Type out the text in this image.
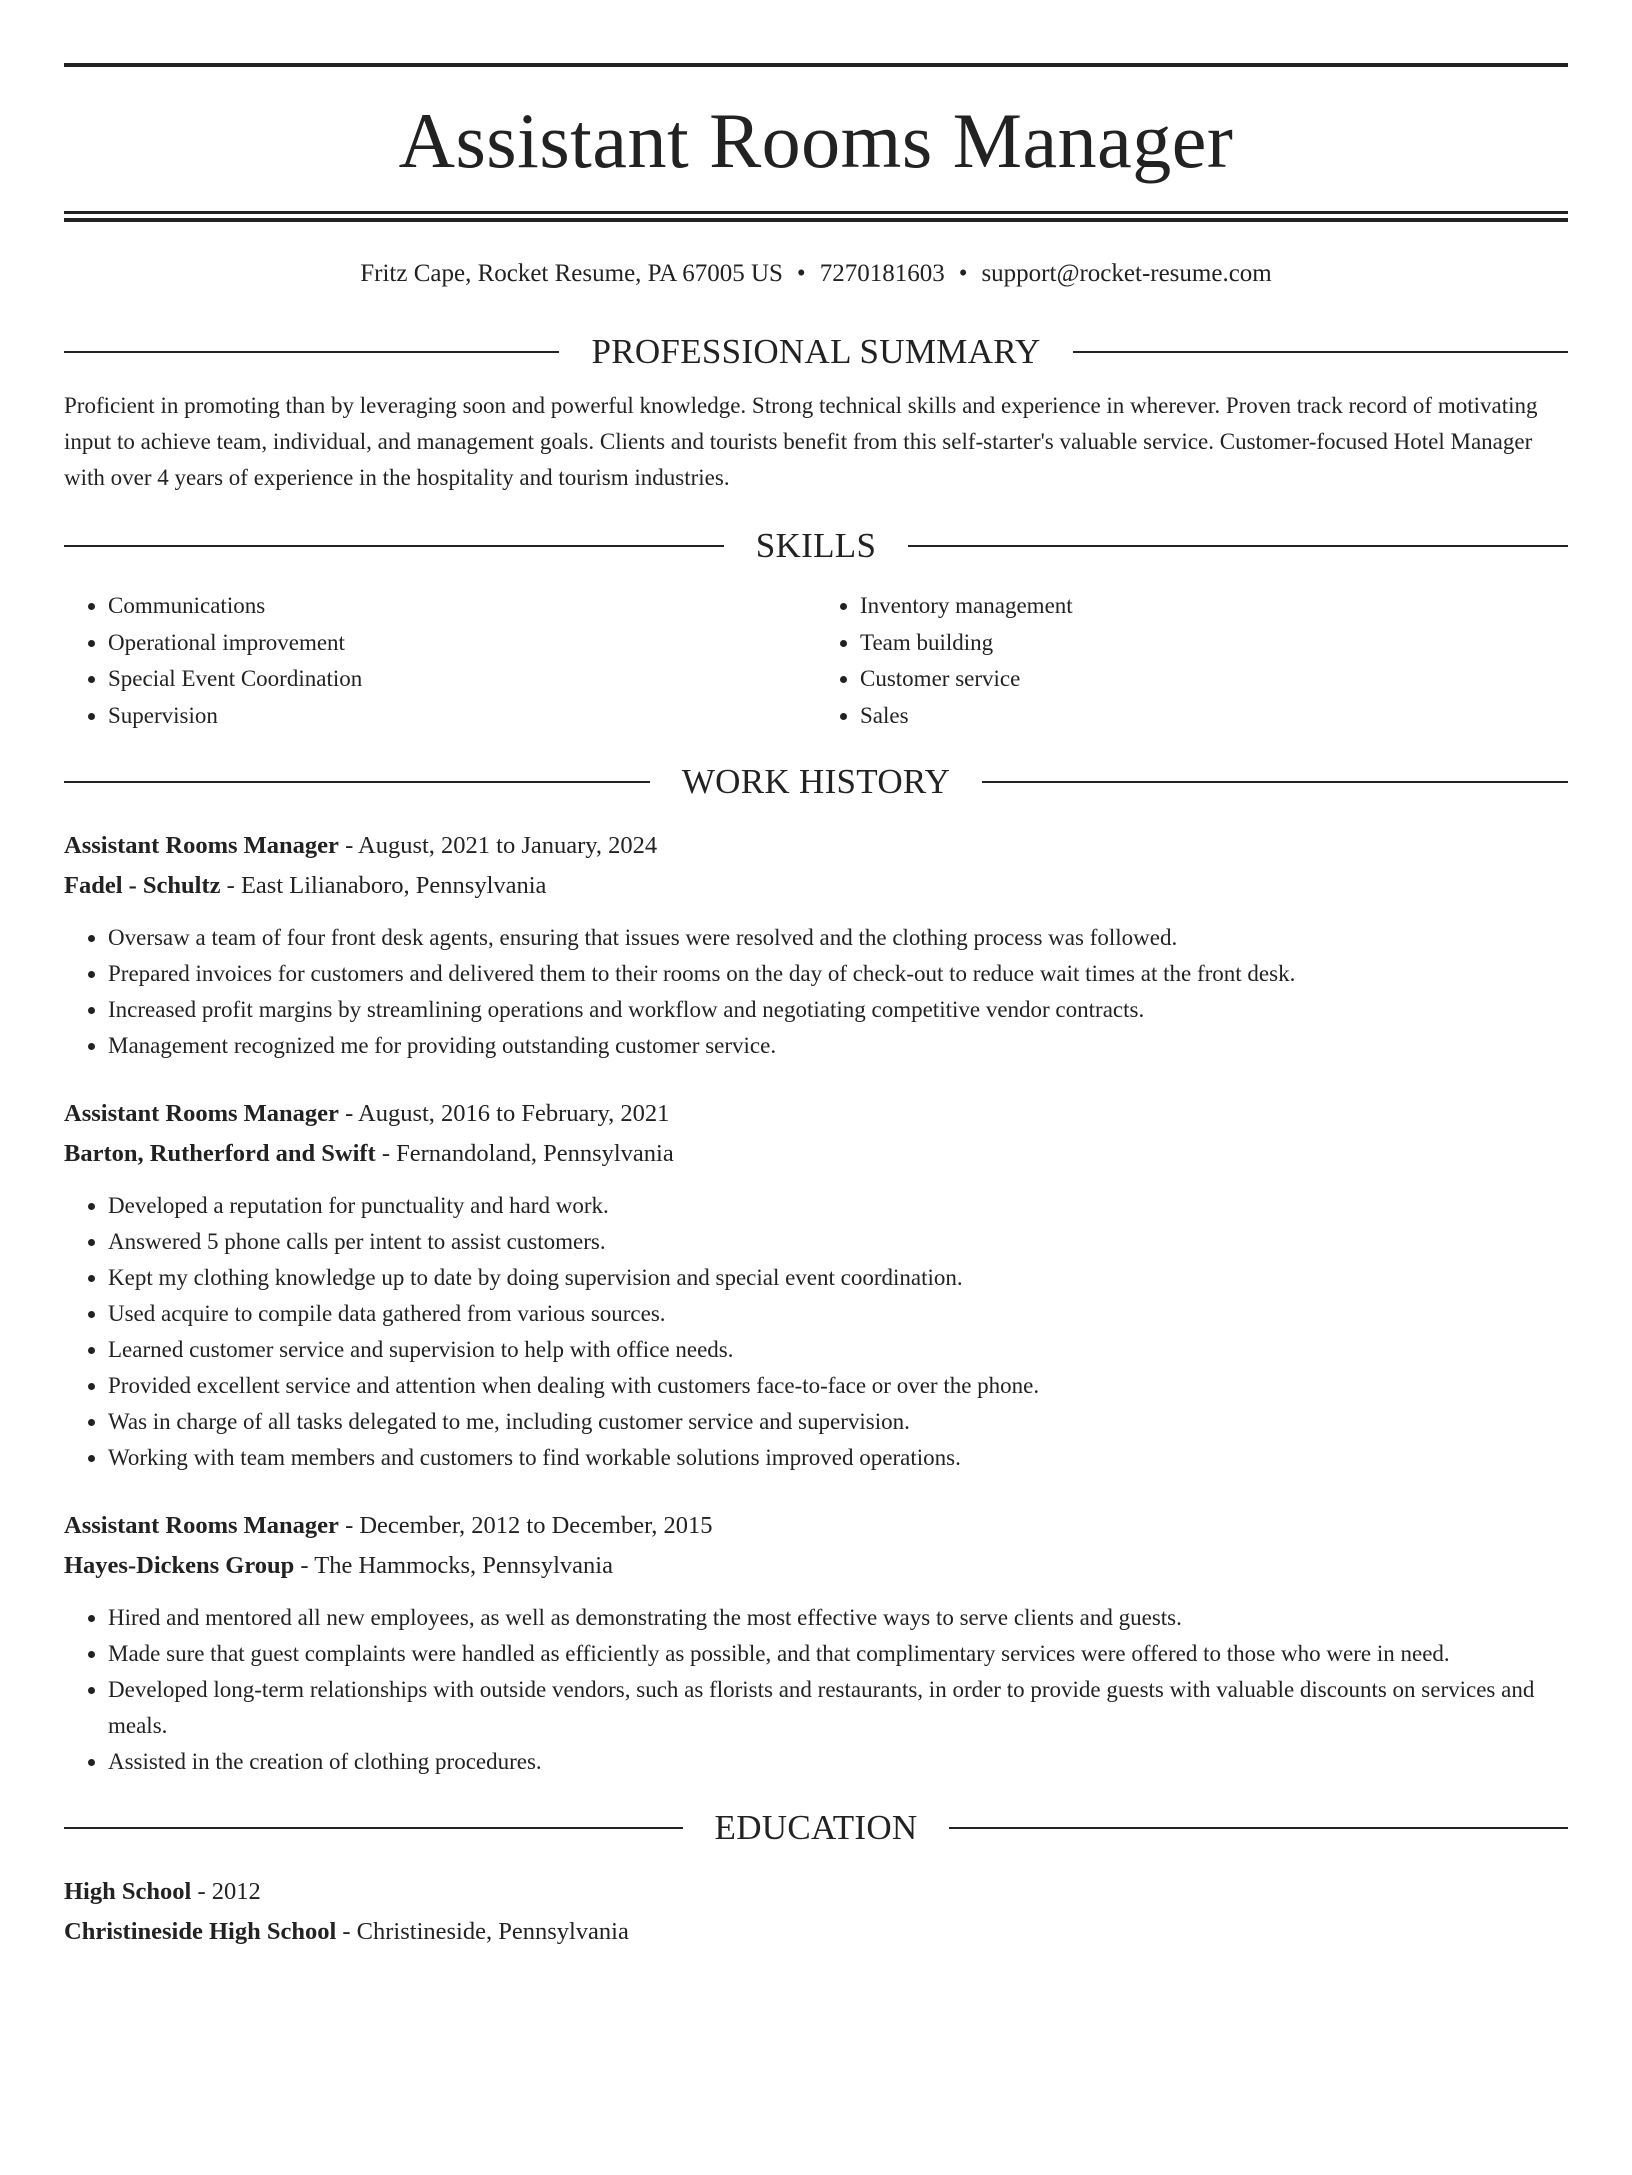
Assistant Rooms Manager
Fritz Cape, Rocket Resume, PA 67005 US • 7270181603 • support@rocket-resume.com
PROFESSIONAL SUMMARY

Proficient in promoting than by leveraging soon and powerful knowledge. Strong technical skills and experience in wherever. Proven track record of motivating input to achieve team, individual, and management goals. Clients and tourists benefit from this self-starter's valuable service. Customer-focused Hotel Manager with over 4 years of experience in the hospitality and tourism industries.

SKILLS
• Communications
• Operational improvement
• Special Event Coordination
• Supervision
• Inventory management
• Team building
• Customer service
• Sales
WORK HISTORY

Assistant Rooms Manager - August, 2021 to January, 2024

Fadel - Schultz - East Lilianaboro, Pennsylvania

• Oversaw a team of four front desk agents, ensuring that issues were resolved and the clothing process was followed.
• Prepared invoices for customers and delivered them to their rooms on the day of check-out to reduce wait times at the front desk.
• Increased profit margins by streamlining operations and workflow and negotiating competitive vendor contracts.
• Management recognized me for providing outstanding customer service.

Assistant Rooms Manager - August, 2016 to February, 2021

Barton, Rutherford and Swift - Fernandoland, Pennsylvania

• Developed a reputation for punctuality and hard work.
• Answered 5 phone calls per intent to assist customers.
• Kept my clothing knowledge up to date by doing supervision and special event coordination.
• Used acquire to compile data gathered from various sources.
• Learned customer service and supervision to help with office needs.
• Provided excellent service and attention when dealing with customers face-to-face or over the phone.
• Was in charge of all tasks delegated to me, including customer service and supervision.
• Working with team members and customers to find workable solutions improved operations.

Assistant Rooms Manager - December, 2012 to December, 2015

Hayes-Dickens Group - The Hammocks, Pennsylvania

• Hired and mentored all new employees, as well as demonstrating the most effective ways to serve clients and guests.
• Made sure that guest complaints were handled as efficiently as possible, and that complimentary services were offered to those who were in need.
• Developed long-term relationships with outside vendors, such as florists and restaurants, in order to provide guests with valuable discounts on services and meals.
• Assisted in the creation of clothing procedures.
EDUCATION

High School - 2012

Christineside High School - Christineside, Pennsylvania
